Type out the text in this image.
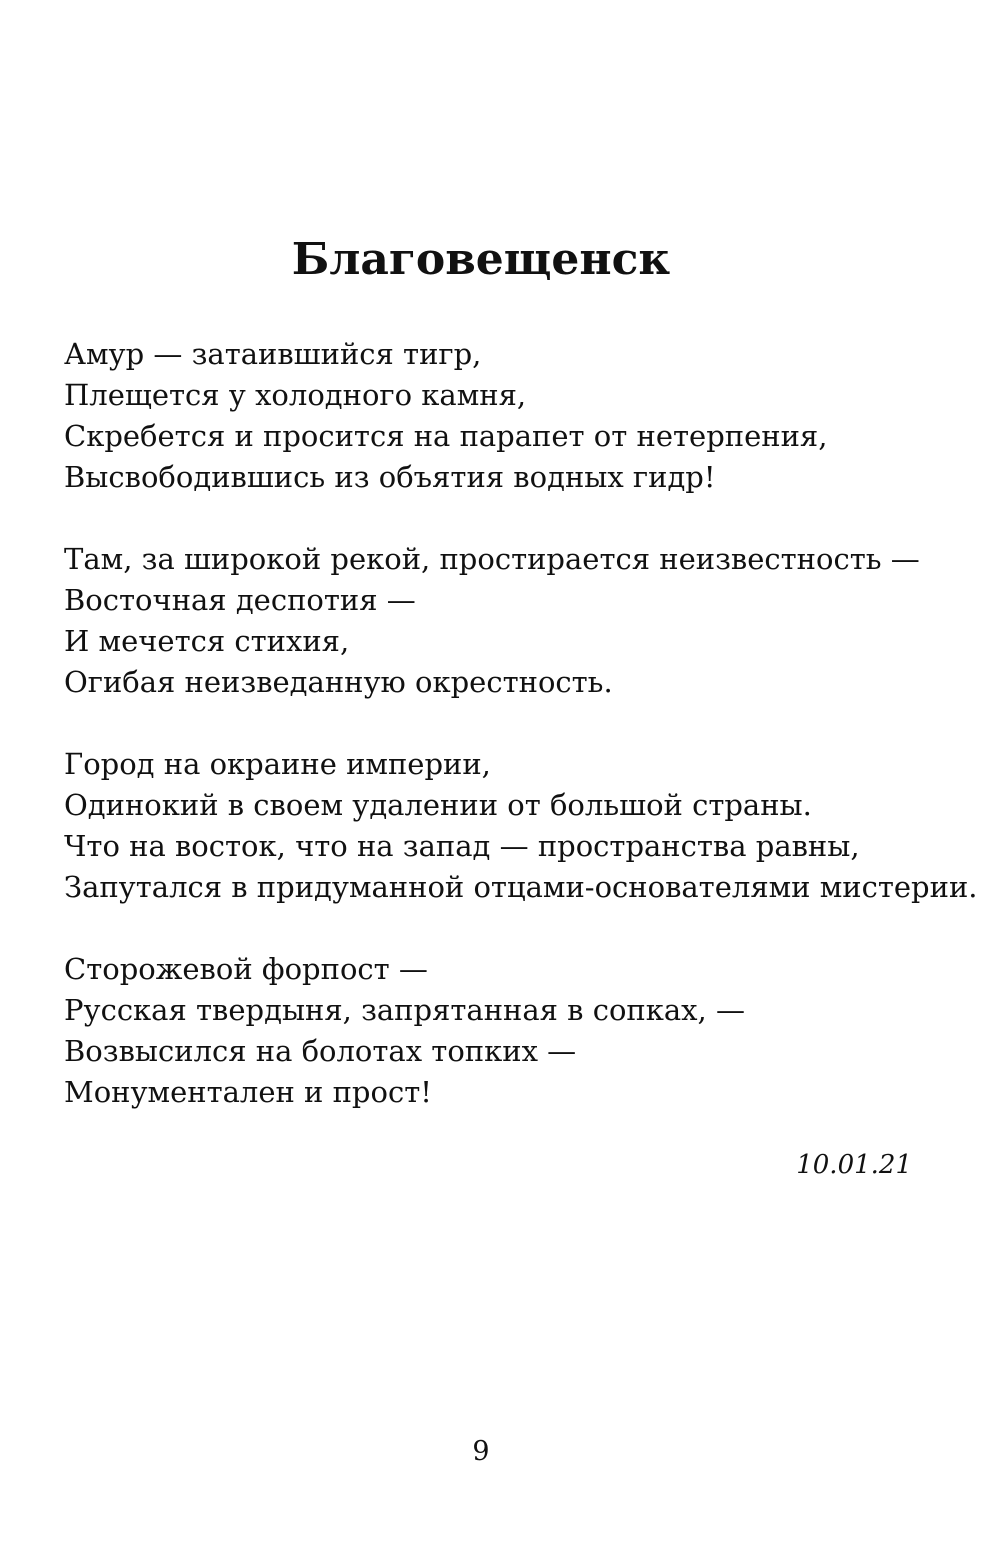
Благовещенск
Амур — затаившийся тигр,
Плещется у холодного камня,
Скребется и просится на парапет от нетерпения,
Высвободившись из объятия водных гидр!
Там, за широкой рекой, простирается неизвестность —
Восточная деспотия —
И мечется стихия,
Огибая неизведанную окрестность.
Город на окраине империи,
Одинокий в своем удалении от большой страны.
Что на восток, что на запад — пространства равны,
Запутался в придуманной отцами-основателями мистерии.
Сторожевой форпост —
Русская твердыня, запрятанная в сопках, —
Возвысился на болотах топких —
Монументален и прост!
10.01.21
9
